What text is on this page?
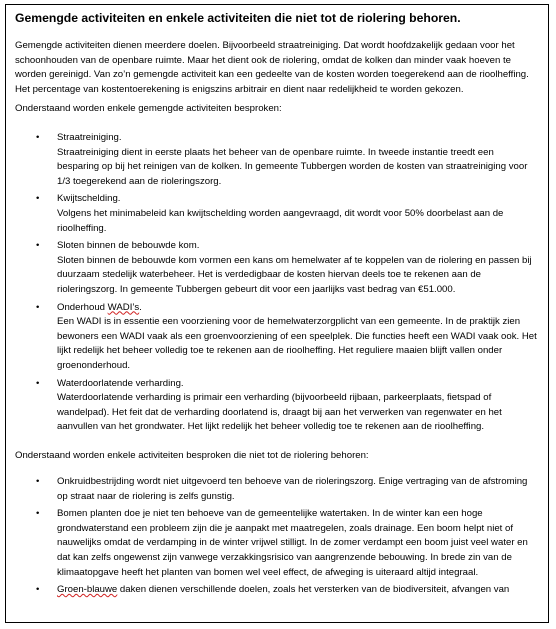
Gemengde activiteiten en enkele activiteiten die niet tot de riolering behoren.
Gemengde activiteiten dienen meerdere doelen. Bijvoorbeeld straatreiniging. Dat wordt hoofdzakelijk gedaan voor het schoonhouden van de openbare ruimte. Maar het dient ook de riolering, omdat de kolken dan minder vaak hoeven te worden gereinigd. Van zo’n gemengde activiteit kan een gedeelte van de kosten worden toegerekend aan de rioolheffing. Het percentage van kostentoerekening is enigszins arbitrair en dient naar redelijkheid te worden gekozen.
Onderstaand worden enkele gemengde activiteiten besproken:
• Straatreiniging.
Straatreiniging dient in eerste plaats het beheer van de openbare ruimte. In tweede instantie treedt een besparing op bij het reinigen van de kolken. In gemeente Tubbergen worden de kosten van straatreiniging voor 1/3 toegerekend aan de rioleringszorg.
• Kwijtschelding.
Volgens het minimabeleid kan kwijtschelding worden aangevraagd, dit wordt voor 50% doorbelast aan de rioolheffing.
• Sloten binnen de bebouwde kom.
Sloten binnen de bebouwde kom vormen een kans om hemelwater af te koppelen van de riolering en passen bij duurzaam stedelijk waterbeheer. Het is verdedigbaar de kosten hiervan deels toe te rekenen aan de rioleringszorg. In gemeente Tubbergen gebeurt dit voor een jaarlijks vast bedrag van €51.000.
• Onderhoud WADI’s.
Een WADI is in essentie een voorziening voor de hemelwaterzorgplicht van een gemeente. In de praktijk zien bewoners een WADI vaak als een groenvoorziening of een speelplek. Die functies heeft een WADI vaak ook. Het lijkt redelijk het beheer volledig toe te rekenen aan de rioolheffing. Het reguliere maaien blijft vallen onder groenonderhoud.
• Waterdoorlatende verharding.
Waterdoorlatende verharding is primair een verharding (bijvoorbeeld rijbaan, parkeerplaats, fietspad of wandelpad). Het feit dat de verharding doorlatend is, draagt bij aan het verwerken van regenwater en het aanvullen van het grondwater. Het lijkt redelijk het beheer volledig toe te rekenen aan de rioolheffing.
Onderstaand worden enkele activiteiten besproken die niet tot de riolering behoren:
• Onkruidbestrijding wordt niet uitgevoerd ten behoeve van de rioleringszorg. Enige vertraging van de afstroming op straat naar de riolering is zelfs gunstig.
• Bomen planten doe je niet ten behoeve van de gemeentelijke watertaken. In de winter kan een hoge grondwaterstand een probleem zijn die je aanpakt met maatregelen, zoals drainage. Een boom helpt niet of nauwelijks omdat de verdamping in de winter vrijwel stilligt. In de zomer verdampt een boom juist veel water en dat kan zelfs ongewenst zijn vanwege verzakkingsrisico van aangrenzende bebouwing. In brede zin van de klimaatopgave heeft het planten van bomen wel veel effect, de afweging is uiteraard altijd integraal.
• Groen-blauwe daken dienen verschillende doelen, zoals het versterken van de biodiversiteit, afvangen van
